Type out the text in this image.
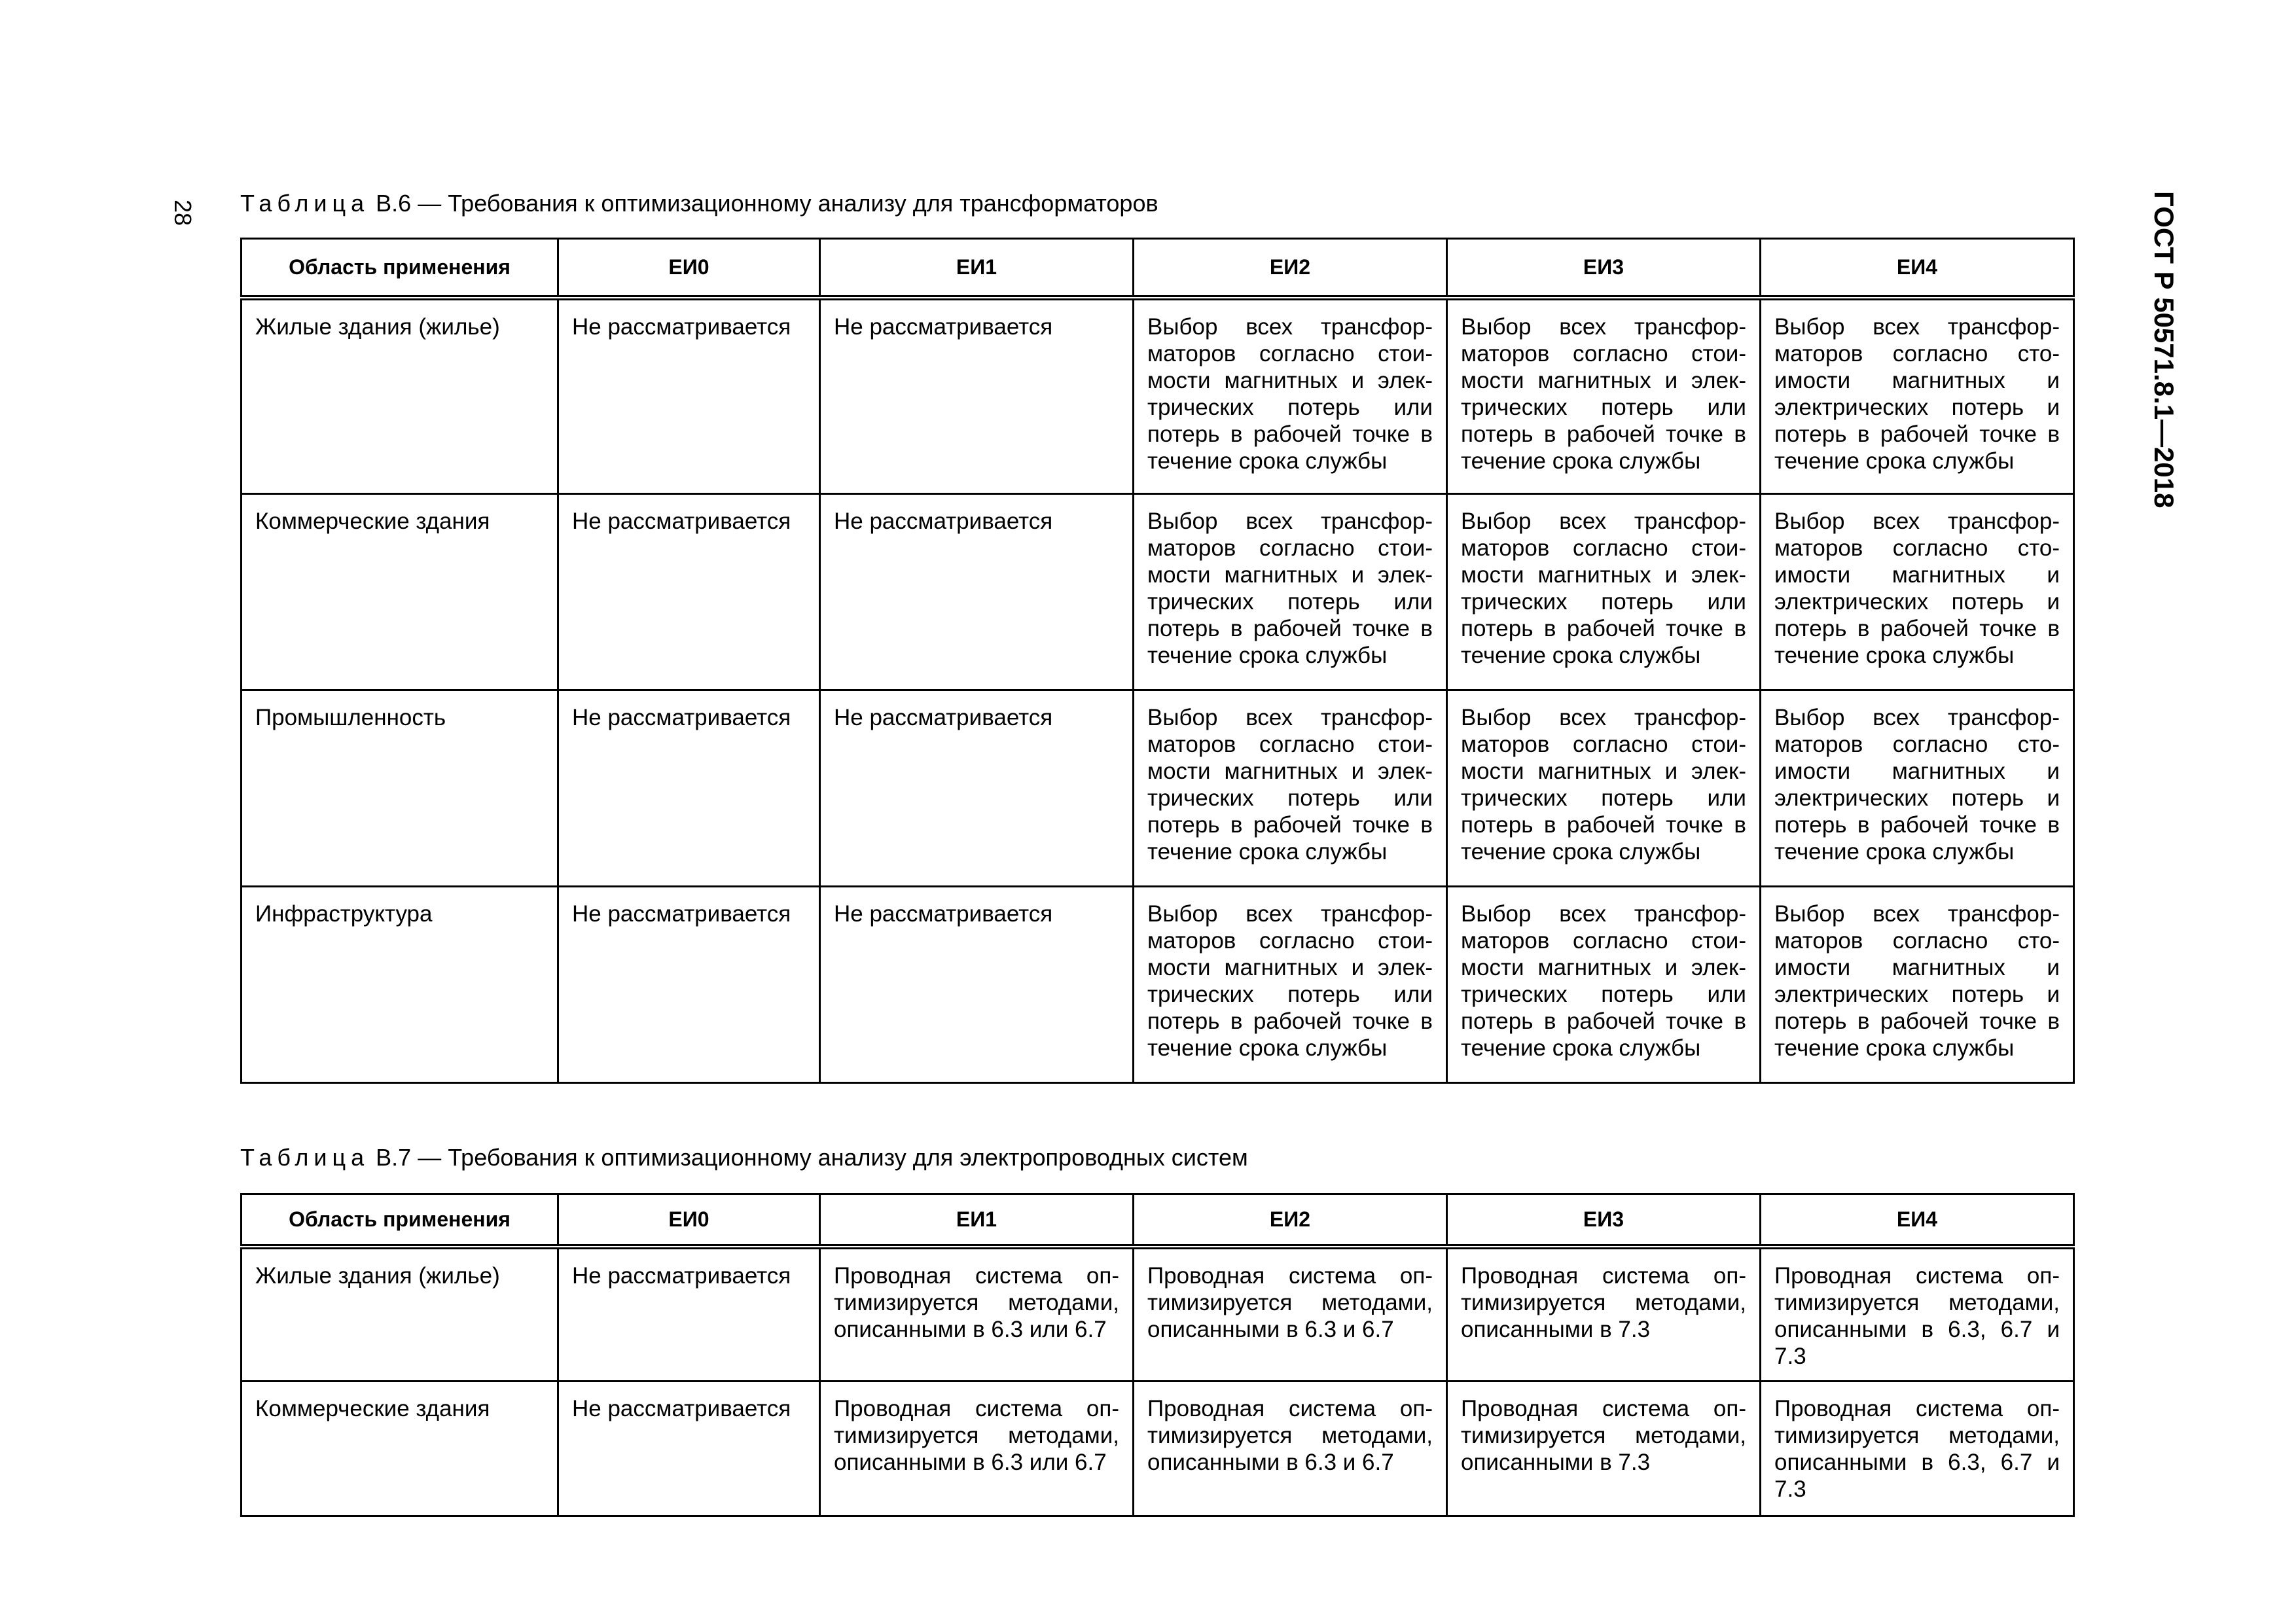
28	ГОСТ Р 50571.8.1—2018
Таблица В.6 — Требования к оптимизационному анализу для трансформаторов
Область применения	ЕИ0	ЕИ1	ЕИ2	ЕИ3	ЕИ4
Жилые здания (жилье)	Не рассматривается	Не рассматривается	Выбор всех трансфор-маторов согласно стои-мости магнитных и элек-трических потерь или потерь в рабочей точке в течение срока службы	Выбор всех трансфор-маторов согласно стои-мости магнитных и элек-трических потерь или потерь в рабочей точке в течение срока службы	Выбор всех трансфор-маторов согласно сто-имости магнитных и электрических потерь и потерь в рабочей точке в течение срока службы
Коммерческие здания	Не рассматривается	Не рассматривается	Выбор всех трансфор-маторов согласно стои-мости магнитных и элек-трических потерь или потерь в рабочей точке в течение срока службы	Выбор всех трансфор-маторов согласно стои-мости магнитных и элек-трических потерь или потерь в рабочей точке в течение срока службы	Выбор всех трансфор-маторов согласно сто-имости магнитных и электрических потерь и потерь в рабочей точке в течение срока службы
Промышленность	Не рассматривается	Не рассматривается	Выбор всех трансфор-маторов согласно стои-мости магнитных и элек-трических потерь или потерь в рабочей точке в течение срока службы	Выбор всех трансфор-маторов согласно стои-мости магнитных и элек-трических потерь или потерь в рабочей точке в течение срока службы	Выбор всех трансфор-маторов согласно сто-имости магнитных и электрических потерь и потерь в рабочей точке в течение срока службы
Инфраструктура	Не рассматривается	Не рассматривается	Выбор всех трансфор-маторов согласно стои-мости магнитных и элек-трических потерь или потерь в рабочей точке в течение срока службы	Выбор всех трансфор-маторов согласно стои-мости магнитных и элек-трических потерь или потерь в рабочей точке в течение срока службы	Выбор всех трансфор-маторов согласно сто-имости магнитных и электрических потерь и потерь в рабочей точке в течение срока службы
Таблица В.7 — Требования к оптимизационному анализу для электропроводных систем
Область применения	ЕИ0	ЕИ1	ЕИ2	ЕИ3	ЕИ4
Жилые здания (жилье)	Не рассматривается	Проводная система оп-тимизируется методами, описанными в 6.3 или 6.7	Проводная система оп-тимизируется методами, описанными в 6.3 и 6.7	Проводная система оп-тимизируется методами, описанными в 7.3	Проводная система оп-тимизируется методами, описанными в 6.3, 6.7 и 7.3
Коммерческие здания	Не рассматривается	Проводная система оп-тимизируется методами, описанными в 6.3 или 6.7	Проводная система оп-тимизируется методами, описанными в 6.3 и 6.7	Проводная система оп-тимизируется методами, описанными в 7.3	Проводная система оп-тимизируется методами, описанными в 6.3, 6.7 и 7.3
